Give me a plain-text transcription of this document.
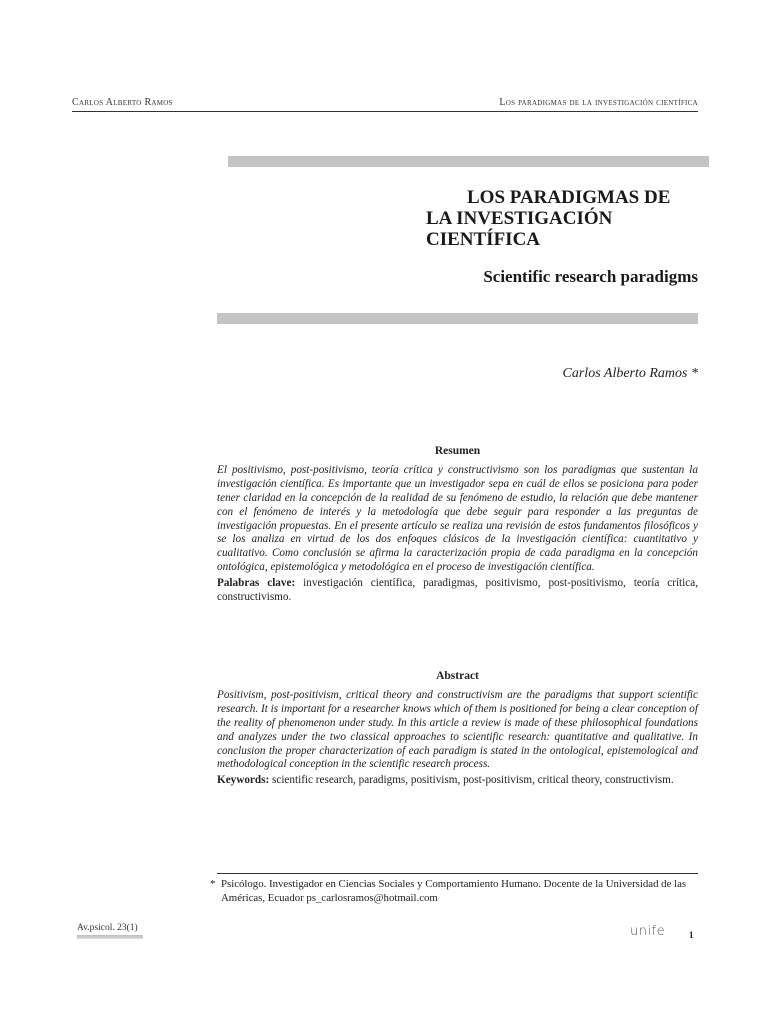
Carlos Alberto Ramos	Los paradigmas de la investigación científica
LOS PARADIGMAS DE
LA INVESTIGACIÓN
CIENTÍFICA
Scientific research paradigms
Carlos Alberto Ramos *
Resumen
El positivismo, post-positivismo, teoría crítica y constructivismo son los paradigmas que sustentan la investigación científica. Es importante que un investigador sepa en cuál de ellos se posiciona para poder tener claridad en la concepción de la realidad de su fenómeno de estudio, la relación que debe mantener con el fenómeno de interés y la metodología que debe seguir para responder a las preguntas de investigación propuestas. En el presente artículo se realiza una revisión de estos fundamentos filosóficos y se los analiza en virtud de los dos enfoques clásicos de la investigación científica: cuantitativo y cualitativo. Como conclusión se afirma la caracterización propia de cada paradigma en la concepción ontológica, epistemológica y metodológica en el proceso de investigación científica.
Palabras clave: investigación científica, paradigmas, positivismo, post-positivismo, teoría crítica, constructivismo.
Abstract
Positivism, post-positivism, critical theory and constructivism are the paradigms that support scientific research. It is important for a researcher knows which of them is positioned for being a clear conception of the reality of phenomenon under study. In this article a review is made of these philosophical foundations and analyzes under the two classical approaches to scientific research: quantitative and qualitative. In conclusion the proper characterization of each paradigm is stated in the ontological, epistemological and methodological conception in the scientific research process.
Keywords: scientific research, paradigms, positivism, post-positivism, critical theory, constructivism.
* Psicólogo. Investigador en Ciencias Sociales y Comportamiento Humano. Docente de la Universidad de las Américas, Ecuador ps_carlosramos@hotmail.com
Av.psicol. 23(1)	unife	1
